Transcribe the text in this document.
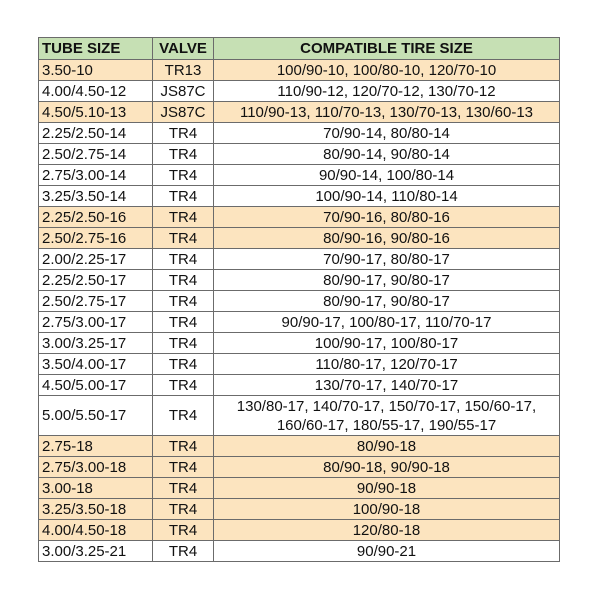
TUBE SIZE	VALVE	COMPATIBLE TIRE SIZE
3.50-10	TR13	100/90-10, 100/80-10, 120/70-10
4.00/4.50-12	JS87C	110/90-12, 120/70-12, 130/70-12
4.50/5.10-13	JS87C	110/90-13, 110/70-13, 130/70-13, 130/60-13
2.25/2.50-14	TR4	70/90-14, 80/80-14
2.50/2.75-14	TR4	80/90-14, 90/80-14
2.75/3.00-14	TR4	90/90-14, 100/80-14
3.25/3.50-14	TR4	100/90-14, 110/80-14
2.25/2.50-16	TR4	70/90-16, 80/80-16
2.50/2.75-16	TR4	80/90-16, 90/80-16
2.00/2.25-17	TR4	70/90-17, 80/80-17
2.25/2.50-17	TR4	80/90-17, 90/80-17
2.50/2.75-17	TR4	80/90-17, 90/80-17
2.75/3.00-17	TR4	90/90-17, 100/80-17, 110/70-17
3.00/3.25-17	TR4	100/90-17, 100/80-17
3.50/4.00-17	TR4	110/80-17, 120/70-17
4.50/5.00-17	TR4	130/70-17, 140/70-17
5.00/5.50-17	TR4	130/80-17, 140/70-17, 150/70-17, 150/60-17, 160/60-17, 180/55-17, 190/55-17
2.75-18	TR4	80/90-18
2.75/3.00-18	TR4	80/90-18, 90/90-18
3.00-18	TR4	90/90-18
3.25/3.50-18	TR4	100/90-18
4.00/4.50-18	TR4	120/80-18
3.00/3.25-21	TR4	90/90-21
